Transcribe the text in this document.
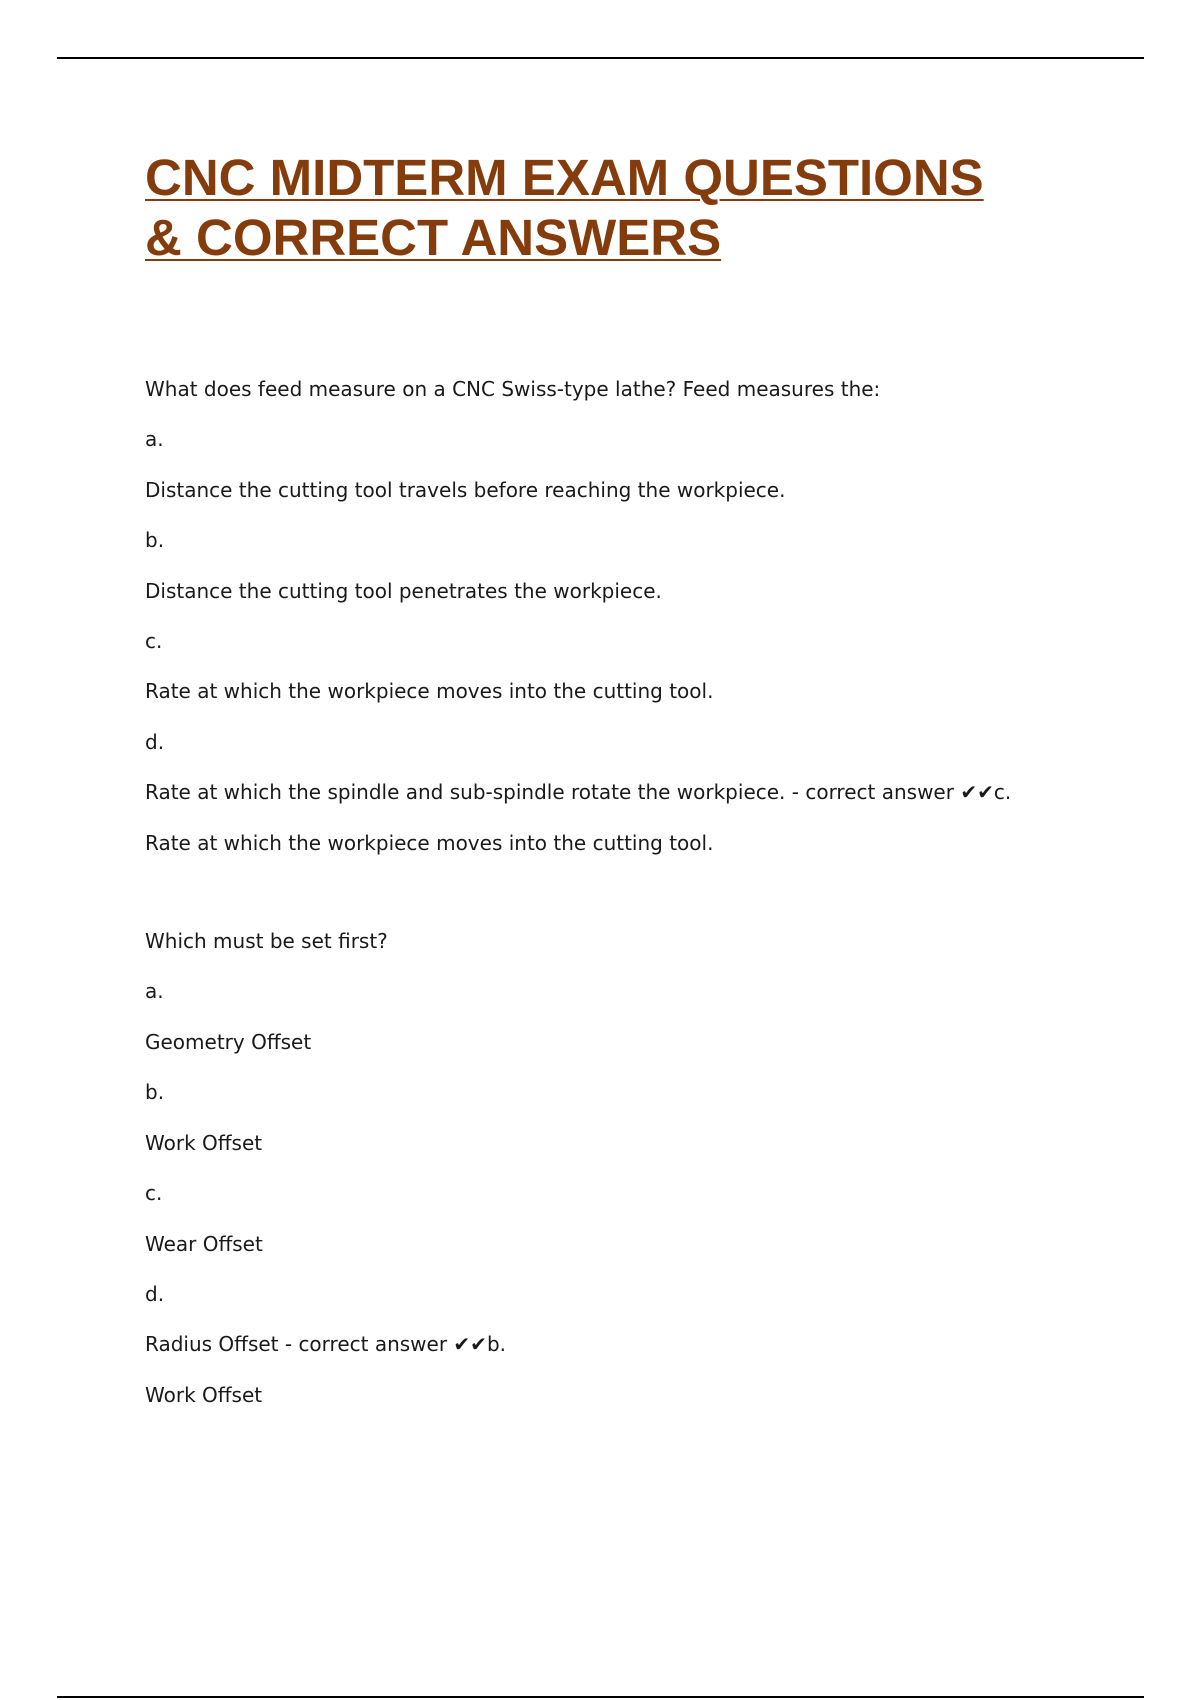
CNC MIDTERM EXAM QUESTIONS
& CORRECT ANSWERS

What does feed measure on a CNC Swiss-type lathe? Feed measures the:

a.

Distance the cutting tool travels before reaching the workpiece.

b.

Distance the cutting tool penetrates the workpiece.

c.

Rate at which the workpiece moves into the cutting tool.

d.

Rate at which the spindle and sub-spindle rotate the workpiece. - correct answer ✔✔c.

Rate at which the workpiece moves into the cutting tool.

Which must be set first?

a.

Geometry Offset

b.

Work Offset

c.

Wear Offset

d.

Radius Offset - correct answer ✔✔b.

Work Offset
